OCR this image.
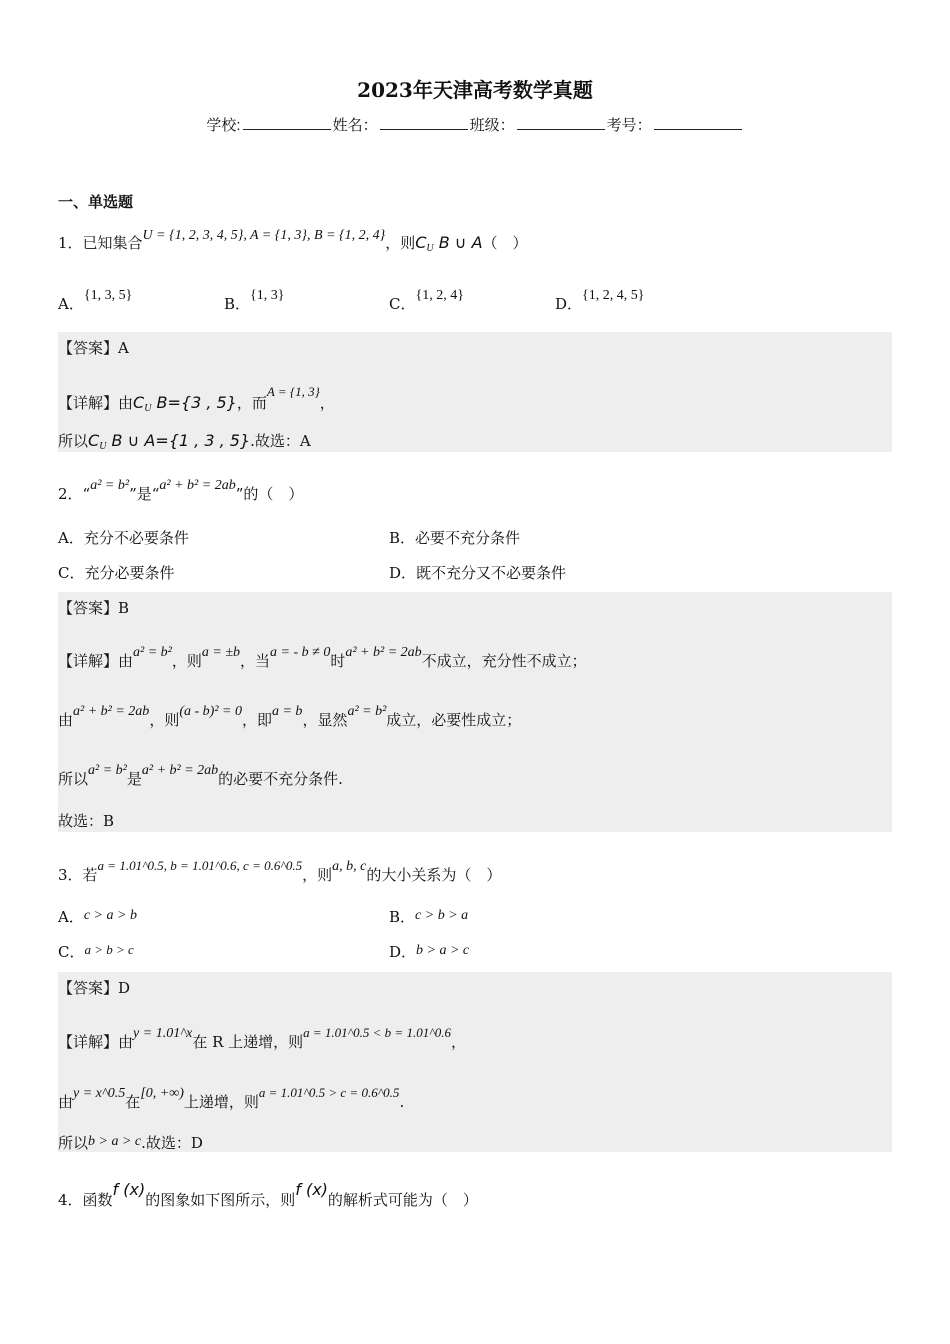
2023年天津高考数学真题
学校:	姓名：	班级：	考号：
一、单选题
1．已知集合U = {1, 2, 3, 4, 5}, A = {1, 3}, B = {1, 2, 4}，则$C_U$ B ∪ A（　）
A．{1, 3, 5}	B．{1, 3}	C．{1, 2, 4}	D．{1, 2, 4, 5}
【答案】A
【详解】由$C_U$ B={3 , 5}，而A = {1, 3}，
所以$C_U$ B ∪ A={1 , 3 , 5}.故选：A
2．“a² = b²”是“a² + b² = 2ab”的（　）
A．充分不必要条件	B．必要不充分条件
C．充分必要条件	D．既不充分又不必要条件
【答案】B
【详解】由a² = b²，则a = ±b，当a = - b ≠ 0时a² + b² = 2ab不成立，充分性不成立；
由a² + b² = 2ab，则(a - b)² = 0，即a = b，显然a² = b²成立，必要性成立；
所以a² = b²是a² + b² = 2ab的必要不充分条件.
故选：B
3．若a = 1.01^0.5, b = 1.01^0.6, c = 0.6^0.5，则a, b, c的大小关系为（　）
A．c > a > b	B．c > b > a
C．a > b > c	D．b > a > c
【答案】D
【详解】由y = 1.01^x在 R 上递增，则a = 1.01^0.5 < b = 1.01^0.6，
由y = x^0.5在[0, +∞)上递增，则a = 1.01^0.5 > c = 0.6^0.5.
所以b > a > c.故选：D
4．函数f (x)的图象如下图所示，则f (x)的解析式可能为（　）
